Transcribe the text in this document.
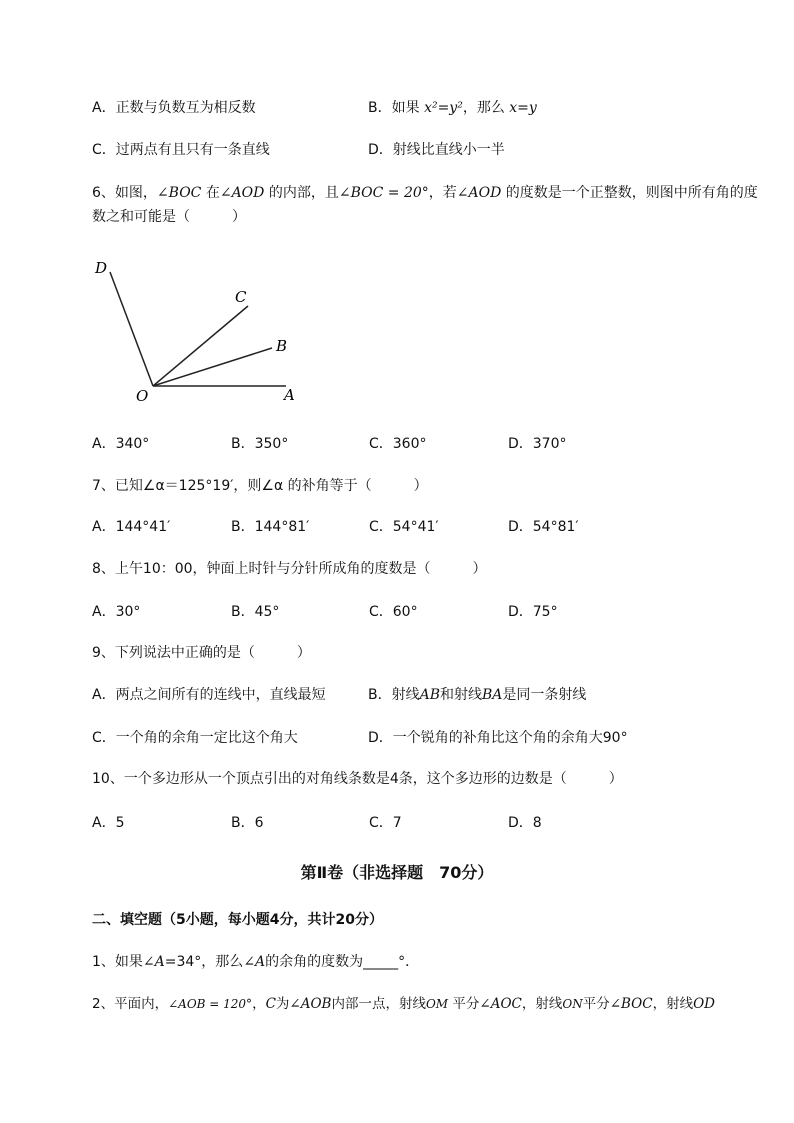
A．正数与负数互为相反数	B．如果 x²=y²，那么 x=y
C．过两点有且只有一条直线	D．射线比直线小一半
6、如图，∠BOC 在∠AOD 的内部，且∠BOC = 20°，若∠AOD 的度数是一个正整数，则图中所有角的度
数之和可能是（　　　）
D
C
B
O	A
A．340°	B．350°	C．360°	D．370°
7、已知∠α＝125°19′，则∠α 的补角等于（　　　）
A．144°41′	B．144°81′	C．54°41′	D．54°81′
8、上午10：00，钟面上时针与分针所成角的度数是（　　　）
A．30°	B．45°	C．60°	D．75°
9、下列说法中正确的是（　　　）
A．两点之间所有的连线中，直线最短	B．射线AB和射线BA是同一条射线
C．一个角的余角一定比这个角大	D．一个锐角的补角比这个角的余角大90°
10、一个多边形从一个顶点引出的对角线条数是4条，这个多边形的边数是（　　　）
A．5	B．6	C．7	D．8
第Ⅱ卷（非选择题　70分）
二、填空题（5小题，每小题4分，共计20分）
1、如果∠A=34°，那么∠A的余角的度数为_____°．
2、平面内，∠AOB = 120°，C为∠AOB内部一点，射线OM 平分∠AOC，射线ON平分∠BOC，射线OD
